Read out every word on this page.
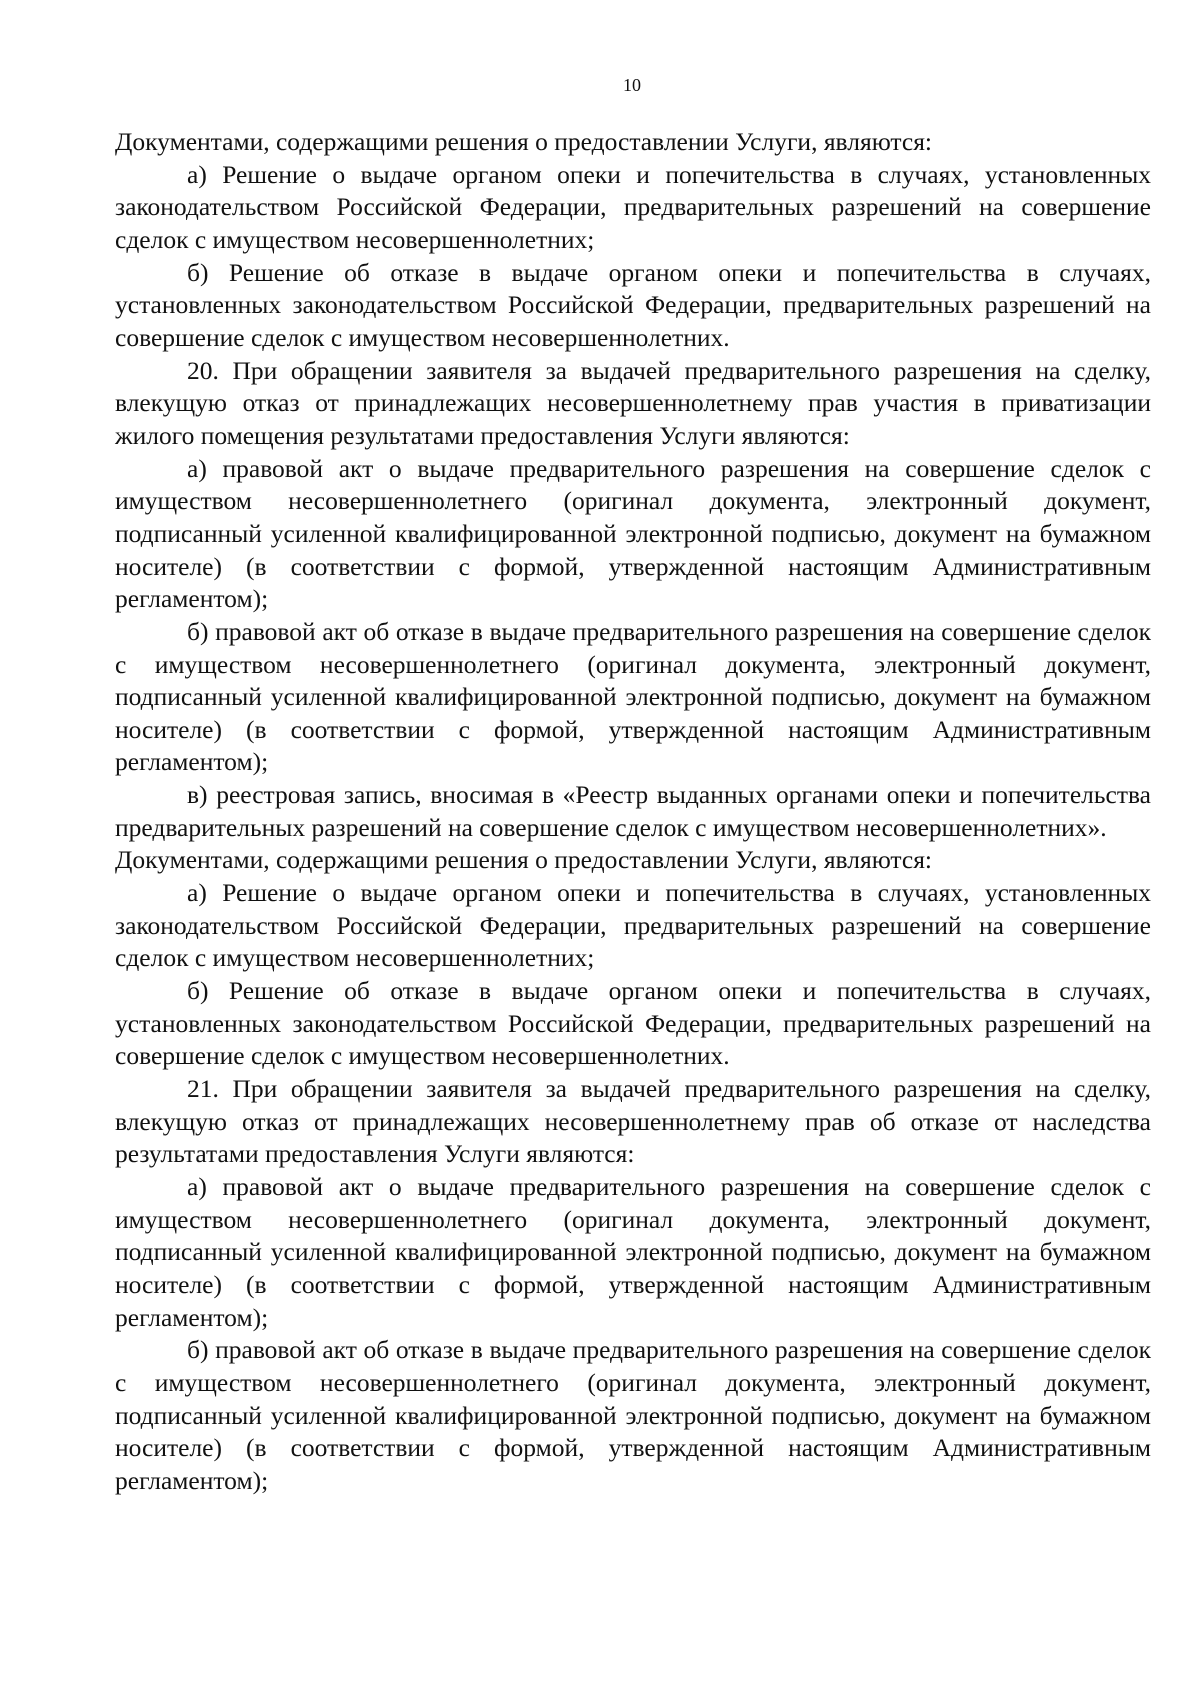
10

Документами, содержащими решения о предоставлении Услуги, являются:

а) Решение о выдаче органом опеки и попечительства в случаях, установленных законодательством Российской Федерации, предварительных разрешений на совершение сделок с имуществом несовершеннолетних;

б) Решение об отказе в выдаче органом опеки и попечительства в случаях, установленных законодательством Российской Федерации, предварительных разрешений на совершение сделок с имуществом несовершеннолетних.

20. При обращении заявителя за выдачей предварительного разрешения на сделку, влекущую отказ от принадлежащих несовершеннолетнему прав участия в приватизации жилого помещения результатами предоставления Услуги являются:

а) правовой акт о выдаче предварительного разрешения на совершение сделок с имуществом несовершеннолетнего (оригинал документа, электронный документ, подписанный усиленной квалифицированной электронной подписью, документ на бумажном носителе) (в соответствии с формой, утвержденной настоящим Административным регламентом);

б) правовой акт об отказе в выдаче предварительного разрешения на совершение сделок с имуществом несовершеннолетнего (оригинал документа, электронный документ, подписанный усиленной квалифицированной электронной подписью, документ на бумажном носителе) (в соответствии с формой, утвержденной настоящим Административным регламентом);

в) реестровая запись, вносимая в «Реестр выданных органами опеки и попечительства предварительных разрешений на совершение сделок с имуществом несовершеннолетних».

Документами, содержащими решения о предоставлении Услуги, являются:

а) Решение о выдаче органом опеки и попечительства в случаях, установленных законодательством Российской Федерации, предварительных разрешений на совершение сделок с имуществом несовершеннолетних;

б) Решение об отказе в выдаче органом опеки и попечительства в случаях, установленных законодательством Российской Федерации, предварительных разрешений на совершение сделок с имуществом несовершеннолетних.

21. При обращении заявителя за выдачей предварительного разрешения на сделку, влекущую отказ от принадлежащих несовершеннолетнему прав об отказе от наследства результатами предоставления Услуги являются:

а) правовой акт о выдаче предварительного разрешения на совершение сделок с имуществом несовершеннолетнего (оригинал документа, электронный документ, подписанный усиленной квалифицированной электронной подписью, документ на бумажном носителе) (в соответствии с формой, утвержденной настоящим Административным регламентом);

б) правовой акт об отказе в выдаче предварительного разрешения на совершение сделок с имуществом несовершеннолетнего (оригинал документа, электронный документ, подписанный усиленной квалифицированной электронной подписью, документ на бумажном носителе) (в соответствии с формой, утвержденной настоящим Административным регламентом);
